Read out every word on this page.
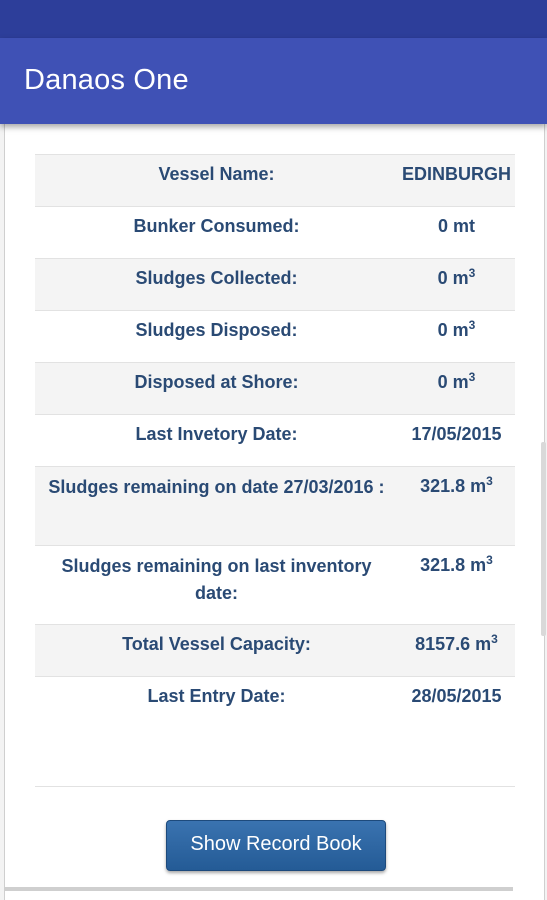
Danaos One
Vessel Name:	EDINBURGH
Bunker Consumed:	0 mt
Sludges Collected:	0 $m^3$
Sludges Disposed:	0 $m^3$
Disposed at Shore:	0 $m^3$
Last Invetory Date:	17/05/2015
Sludges remaining on date 27/03/2016 :	321.8 $m^3$
Sludges remaining on last inventory date:	321.8 $m^3$
Total Vessel Capacity:	8157.6 $m^3$
Last Entry Date:	28/05/2015
Show Record Book
